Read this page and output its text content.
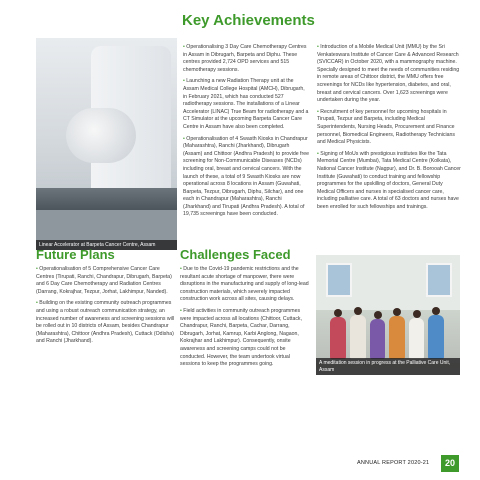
Key Achievements
Linear Accelerator at Barpeta Cancer Centre, Assam

• Operationalising 3 Day Care Chemotherapy Centres in Assam in Dibrugarh, Barpeta and Diphu. These centres provided 2,724 OPD services and 515 chemotherapy sessions.

• Launching a new Radiation Therapy unit at the Assam Medical College Hospital (AMCH), Dibrugarh, in February 2021, which has conducted 527 radiotherapy sessions. The installations of a Linear Accelerator (LINAC) True Beam for radiotherapy and a CT Simulator at the upcoming Barpeta Cancer Care Centre in Assam have also been completed.

• Operationalisation of 4 Swasth Kiosks in Chandrapur (Maharashtra), Ranchi (Jharkhand), Dibrugarh (Assam) and Chittoor (Andhra Pradesh) to provide free screening for Non-Communicable Diseases (NCDs) including oral, breast and cervical cancers. With the launch of these, a total of 9 Swasth Kiosks are now operational across 8 locations in Assam (Guwahati, Barpeta, Tezpur, Dibrugarh, Diphu, Silchar), and one each in Chandrapur (Maharashtra), Ranchi (Jharkhand) and Tirupati (Andhra Pradesh). A total of 19,735 screenings have been conducted.

• Introduction of a Mobile Medical Unit (MMU) by the Sri Venkateswara Institute of Cancer Care & Advanced Research (SVICCAR) in October 2020, with a mammography machine. Specially designed to meet the needs of communities residing in remote areas of Chittoor district, the MMU offers free screenings for NCDs like hypertension, diabetes, and oral, breast and cervical cancers. Over 1,623 screenings were undertaken during the year.

• Recruitment of key personnel for upcoming hospitals in Tirupati, Tezpur and Barpeta, including Medical Superintendents, Nursing Heads, Procurement and Finance personnel, Biomedical Engineers, Radiotherapy Technicians and Medical Physicists.

• Signing of MoUs with prestigious institutes like the Tata Memorial Centre (Mumbai), Tata Medical Centre (Kolkata), National Cancer Institute (Nagpur), and Dr. B. Borooah Cancer Institute (Guwahati) to conduct training and fellowship programmes for the upskilling of doctors, General Duty Medical Officers and nurses in specialised cancer care, including palliative care. A total of 63 doctors and nurses have been enrolled for such fellowships and trainings.

Future Plans

• Operationalisation of 5 Comprehensive Cancer Care Centres (Tirupati, Ranchi, Chandrapur, Dibrugarh, Barpeta) and 6 Day Care Chemotherapy and Radiation Centres (Darrang, Kokrajhar, Tezpur, Jorhat, Lakhimpur, Nanded).

• Building on the existing community outreach programmes and using a robust outreach communication strategy, an increased number of awareness and screening sessions will be rolled out in 10 districts of Assam, besides Chandrapur (Maharashtra), Chittoor (Andhra Pradesh), Cuttack (Odisha) and Ranchi (Jharkhand).

Challenges Faced

• Due to the Covid-19 pandemic restrictions and the resultant acute shortage of manpower, there were disruptions in the manufacturing and supply of long-lead construction materials, which severely impacted construction work across all sites, causing delays.

• Field activities in community outreach programmes were impacted across all locations (Chittoor, Cuttack, Chandrapur, Ranchi, Barpeta, Cachar, Darrang, Dibrugarh, Jorhat, Kamrup, Karbi Anglong, Nagaon, Kokrajhar and Lakhimpur). Consequently, onsite awareness and screening camps could not be conducted. However, the team undertook virtual sessions to keep the programmes going.	A meditation session in progress at the Palliative Care Unit, Assam
ANNUAL REPORT 2020-21	20
